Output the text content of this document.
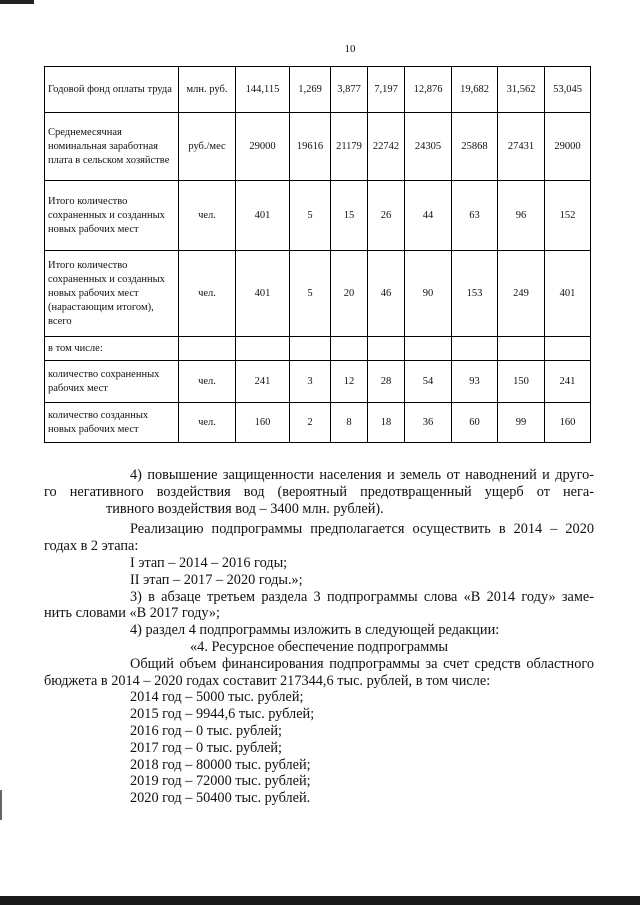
10
Годовой фонд оплаты труда	млн. руб.	144,115	1,269	3,877	7,197	12,876	19,682	31,562	53,045
Среднемесячная номинальная заработная плата в сельском хозяйстве	руб./мес	29000	19616	21179	22742	24305	25868	27431	29000
Итого количество сохраненных и созданных новых рабочих мест	чел.	401	5	15	26	44	63	96	152
Итого количество сохраненных и созданных новых рабочих мест (нарастающим итогом), всего	чел.	401	5	20	46	90	153	249	401
в том числе:									
количество сохраненных рабочих мест	чел.	241	3	12	28	54	93	150	241
количество созданных новых рабочих мест	чел.	160	2	8	18	36	60	99	160

4) повышение защищенности населения и земель от наводнений и друго-

го негативного воздействия вод (вероятный предотвращенный ущерб от нега-

тивного воздействия вод – 3400 млн. рублей).

Реализацию подпрограммы предполагается осуществить в 2014 – 2020

годах в 2 этапа:

I этап – 2014 – 2016 годы;

II этап – 2017 – 2020 годы.»;

3) в абзаце третьем раздела 3 подпрограммы слова «В 2014 году» заме-

нить словами «В 2017 году»;

4) раздел 4 подпрограммы изложить в следующей редакции:

«4. Ресурсное обеспечение подпрограммы

Общий объем финансирования подпрограммы за счет средств областного

бюджета в 2014 – 2020 годах составит 217344,6 тыс. рублей, в том числе:

2014 год – 5000 тыс. рублей;

2015 год – 9944,6 тыс. рублей;

2016 год – 0 тыс. рублей;

2017 год – 0 тыс. рублей;

2018 год – 80000 тыс. рублей;

2019 год – 72000 тыс. рублей;

2020 год – 50400 тыс. рублей.
